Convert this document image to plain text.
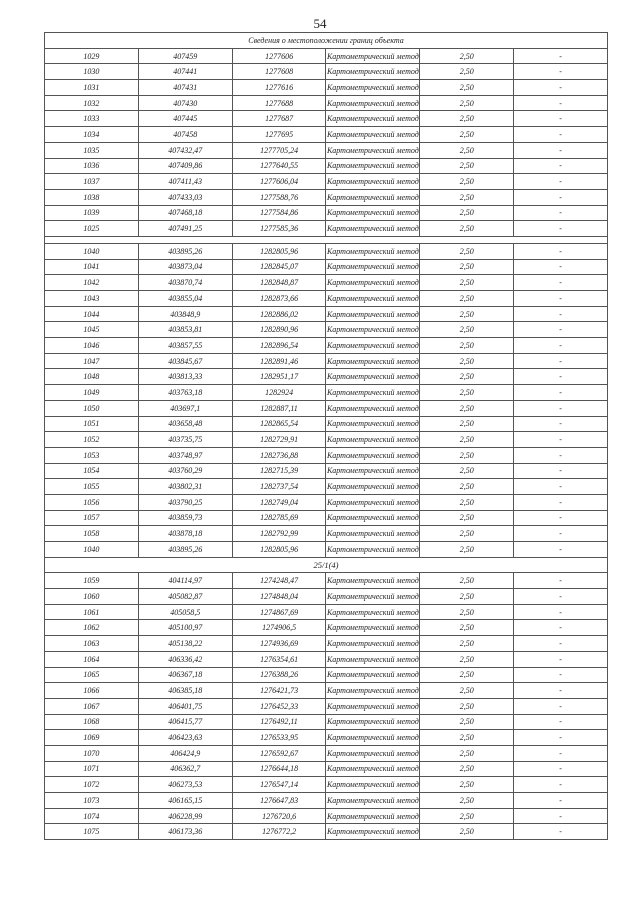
54
Сведения о местоположении границ объекта					
1029	407459	1277606	Картометрический метод	2,50	-
1030	407441	1277608	Картометрический метод	2,50	-
1031	407431	1277616	Картометрический метод	2,50	-
1032	407430	1277688	Картометрический метод	2,50	-
1033	407445	1277687	Картометрический метод	2,50	-
1034	407458	1277695	Картометрический метод	2,50	-
1035	407432,47	1277705,24	Картометрический метод	2,50	-
1036	407409,86	1277640,55	Картометрический метод	2,50	-
1037	407411,43	1277606,04	Картометрический метод	2,50	-
1038	407433,03	1277588,76	Картометрический метод	2,50	-
1039	407468,18	1277584,86	Картометрический метод	2,50	-
1025	407491,25	1277585,36	Картометрический метод	2,50	-

1040	403895,26	1282805,96	Картометрический метод	2,50	-
1041	403873,04	1282845,07	Картометрический метод	2,50	-
1042	403870,74	1282848,87	Картометрический метод	2,50	-
1043	403855,04	1282873,66	Картометрический метод	2,50	-
1044	403848,9	1282886,02	Картометрический метод	2,50	-
1045	403853,81	1282890,96	Картометрический метод	2,50	-
1046	403857,55	1282896,54	Картометрический метод	2,50	-
1047	403845,67	1282891,46	Картометрический метод	2,50	-
1048	403813,33	1282951,17	Картометрический метод	2,50	-
1049	403763,18	1282924	Картометрический метод	2,50	-
1050	403697,1	1282887,11	Картометрический метод	2,50	-
1051	403658,48	1282865,54	Картометрический метод	2,50	-
1052	403735,75	1282729,91	Картометрический метод	2,50	-
1053	403748,97	1282736,88	Картометрический метод	2,50	-
1054	403760,29	1282715,39	Картометрический метод	2,50	-
1055	403802,31	1282737,54	Картометрический метод	2,50	-
1056	403790,25	1282749,04	Картометрический метод	2,50	-
1057	403859,73	1282785,69	Картометрический метод	2,50	-
1058	403878,18	1282792,99	Картометрический метод	2,50	-
1040	403895,26	1282805,96	Картометрический метод	2,50	-
25/1(4)					
1059	404114,97	1274248,47	Картометрический метод	2,50	-
1060	405082,87	1274848,04	Картометрический метод	2,50	-
1061	405058,5	1274867,69	Картометрический метод	2,50	-
1062	405100,97	1274906,5	Картометрический метод	2,50	-
1063	405138,22	1274936,69	Картометрический метод	2,50	-
1064	406336,42	1276354,61	Картометрический метод	2,50	-
1065	406367,18	1276388,26	Картометрический метод	2,50	-
1066	406385,18	1276421,73	Картометрический метод	2,50	-
1067	406401,75	1276452,33	Картометрический метод	2,50	-
1068	406415,77	1276492,11	Картометрический метод	2,50	-
1069	406423,63	1276533,95	Картометрический метод	2,50	-
1070	406424,9	1276592,67	Картометрический метод	2,50	-
1071	406362,7	1276644,18	Картометрический метод	2,50	-
1072	406273,53	1276547,14	Картометрический метод	2,50	-
1073	406165,15	1276647,83	Картометрический метод	2,50	-
1074	406228,99	1276720,6	Картометрический метод	2,50	-
1075	406173,36	1276772,2	Картометрический метод	2,50	-
